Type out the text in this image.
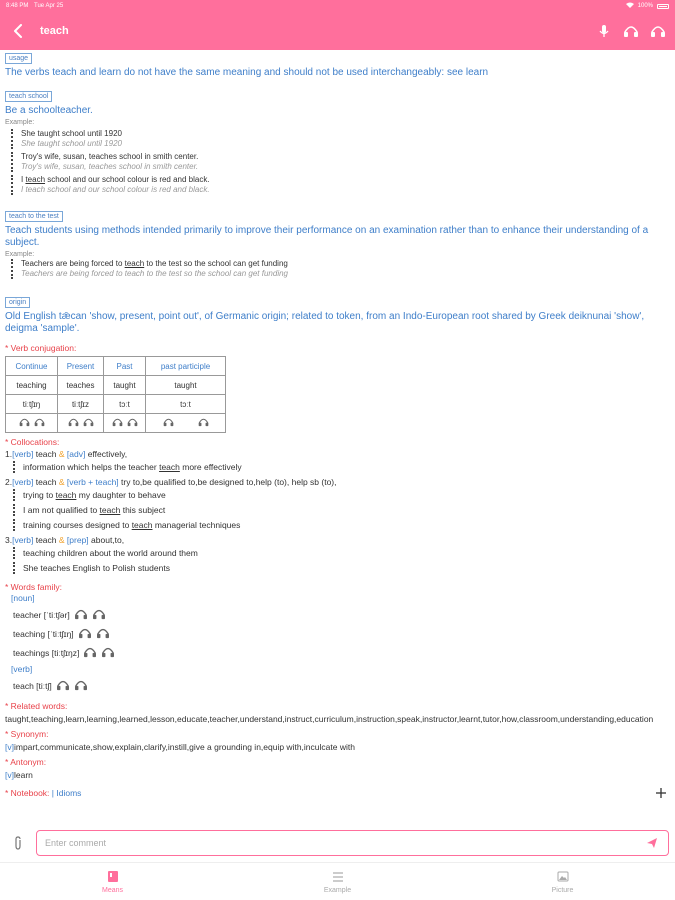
8:48 PM Tue Apr 25	100%
teach
usage
The verbs teach and learn do not have the same meaning and should not be used interchangeably: see learn
teach school
Be a schoolteacher.
Example:
She taught school until 1920
She taught school until 1920
Troy's wife, susan, teaches school in smith center.
Troy's wife, susan, teaches school in smith center.
I teach school and our school colour is red and black.
I teach school and our school colour is red and black.
teach to the test
Teach students using methods intended primarily to improve their performance on an examination rather than to enhance their understanding of a subject.
Example:
Teachers are being forced to teach to the test so the school can get funding
Teachers are being forced to teach to the test so the school can get funding
origin
Old English tǣcan 'show, present, point out', of Germanic origin; related to token, from an Indo-European root shared by Greek deiknunai 'show', deigma 'sample'.
* Verb conjugation:
Continue	Present	Past	past participle
teaching	teaches	taught	taught
tiːtʃɪŋ	tiːtʃɪz	tɔːt	tɔːt

* Collocations:
1.[verb] teach & [adv] effectively,
information which helps the teacher teach more effectively
2.[verb] teach & [verb + teach] try to,be qualified to,be designed to,help (to), help sb (to),
trying to teach my daughter to behave
I am not qualified to teach this subject
training courses designed to teach managerial techniques
3.[verb] teach & [prep] about,to,
teaching children about the world around them
She teaches English to Polish students
* Words family:
[noun]
teacher [ˈtiːtʃər]
teaching [ˈtiːtʃɪŋ]
teachings [tiːtʃɪŋz]
[verb]
teach [tiːtʃ]
* Related words:
taught,teaching,learn,learning,learned,lesson,educate,teacher,understand,instruct,curriculum,instruction,speak,instructor,learnt,tutor,how,classroom,understanding,education
* Synonym:
[v]impart,communicate,show,explain,clarify,instill,give a grounding in,equip with,inculcate with
* Antonym:
[v]learn
* Notebook: | Idioms
Enter comment
Means	Example	Picture
